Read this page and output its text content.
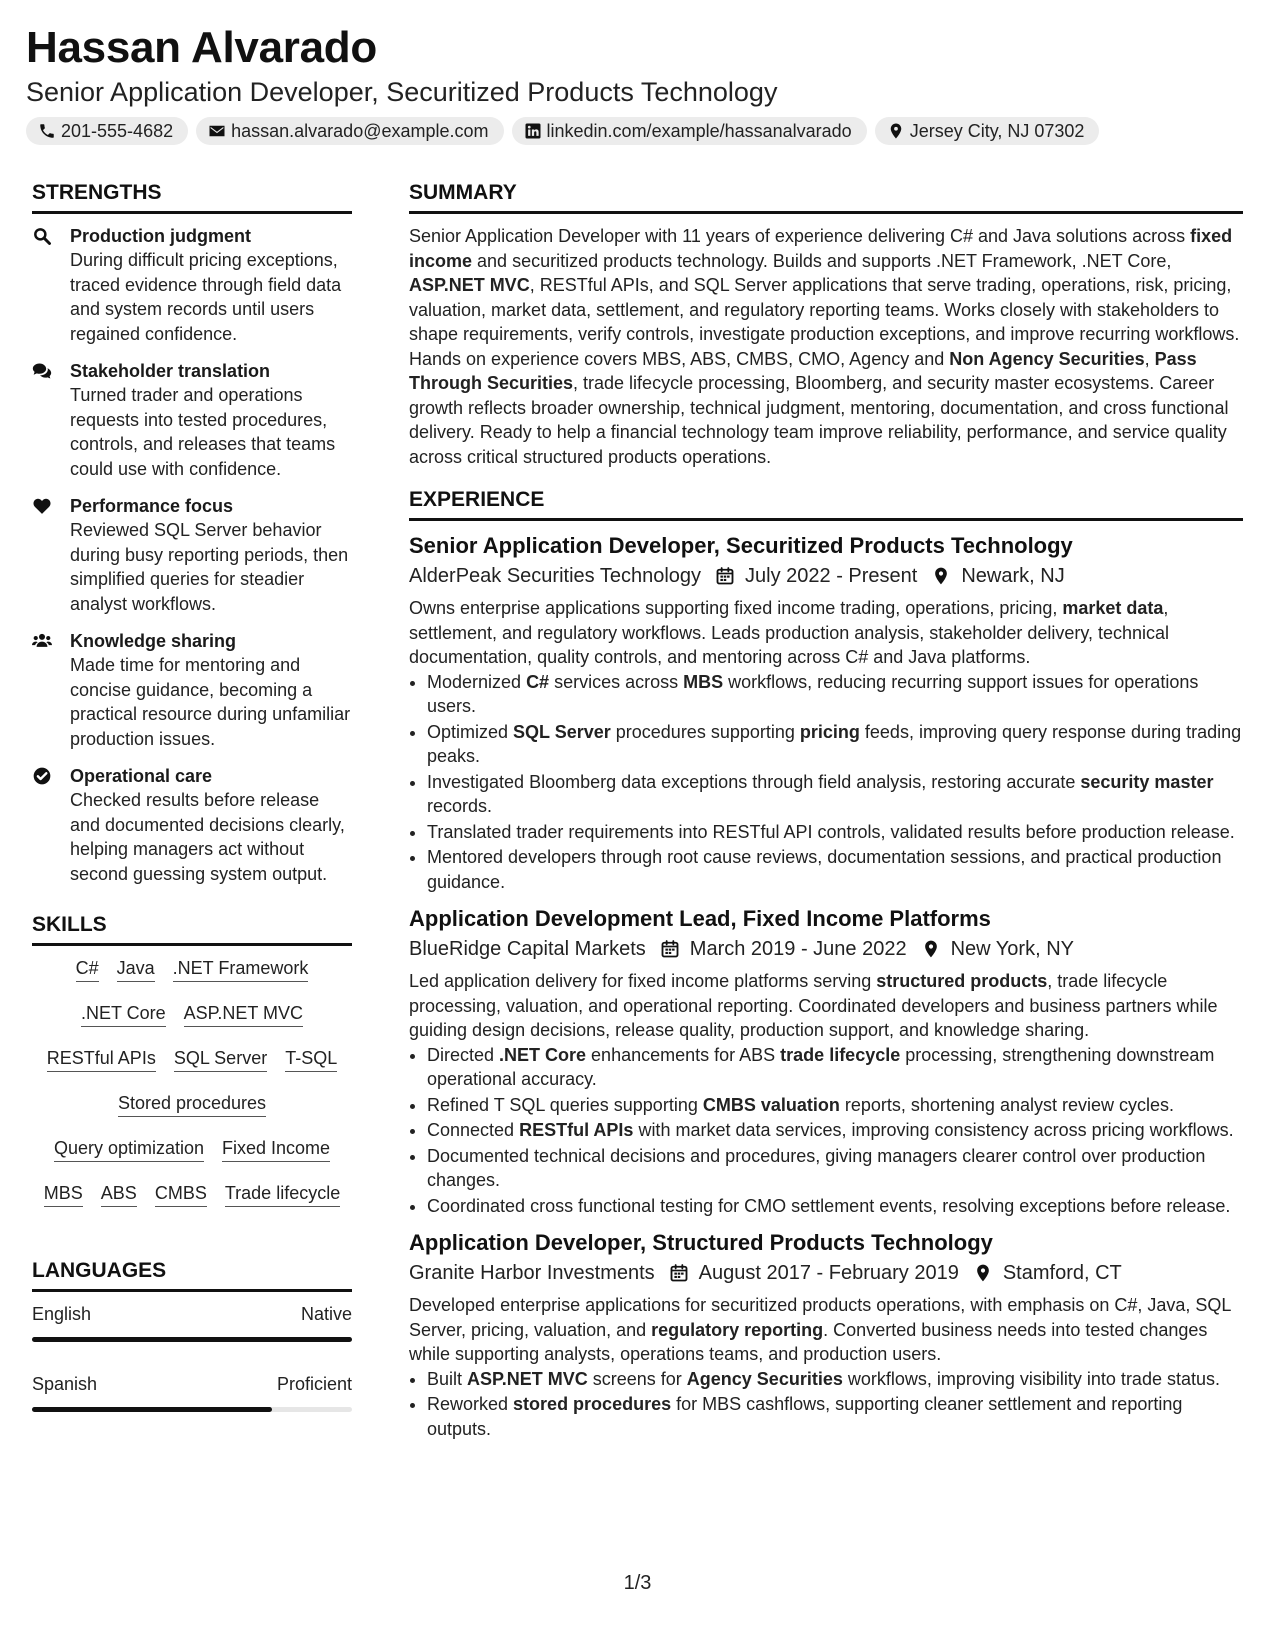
Hassan Alvarado
Senior Application Developer, Securitized Products Technology
201-555-4682	hassan.alvarado@example.com	linkedin.com/example/hassanalvarado	Jersey City, NJ 07302
STRENGTHS
Production judgment
During difficult pricing exceptions, traced evidence through field data and system records until users regained confidence.
Stakeholder translation
Turned trader and operations requests into tested procedures, controls, and releases that teams could use with confidence.
Performance focus
Reviewed SQL Server behavior during busy reporting periods, then simplified queries for steadier analyst workflows.
Knowledge sharing
Made time for mentoring and concise guidance, becoming a practical resource during unfamiliar production issues.
Operational care
Checked results before release and documented decisions clearly, helping managers act without second guessing system output.
SKILLS
C# Java .NET Framework
.NET Core ASP.NET MVC
RESTful APIs SQL Server T-SQL
Stored procedures
Query optimization Fixed Income
MBS ABS CMBS Trade lifecycle
LANGUAGES
English	Native
Spanish	Proficient
SUMMARY

Senior Application Developer with 11 years of experience delivering C# and Java solutions across fixed income and securitized products technology. Builds and supports .NET Framework, .NET Core, ASP.NET MVC, RESTful APIs, and SQL Server applications that serve trading, operations, risk, pricing, valuation, market data, settlement, and regulatory reporting teams. Works closely with stakeholders to shape requirements, verify controls, investigate production exceptions, and improve recurring workflows. Hands on experience covers MBS, ABS, CMBS, CMO, Agency and Non Agency Securities, Pass Through Securities, trade lifecycle processing, Bloomberg, and security master ecosystems. Career growth reflects broader ownership, technical judgment, mentoring, documentation, and cross functional delivery. Ready to help a financial technology team improve reliability, performance, and service quality across critical structured products operations.

EXPERIENCE
Senior Application Developer, Securitized Products Technology
AlderPeak Securities Technology July 2022 - Present Newark, NJ
Owns enterprise applications supporting fixed income trading, operations, pricing, market data, settlement, and regulatory workflows. Leads production analysis, stakeholder delivery, technical documentation, quality controls, and mentoring across C# and Java platforms.
• Modernized C# services across MBS workflows, reducing recurring support issues for operations users.
• Optimized SQL Server procedures supporting pricing feeds, improving query response during trading peaks.
• Investigated Bloomberg data exceptions through field analysis, restoring accurate security master records.
• Translated trader requirements into RESTful API controls, validated results before production release.
• Mentored developers through root cause reviews, documentation sessions, and practical production guidance.
Application Development Lead, Fixed Income Platforms
BlueRidge Capital Markets March 2019 - June 2022 New York, NY
Led application delivery for fixed income platforms serving structured products, trade lifecycle processing, valuation, and operational reporting. Coordinated developers and business partners while guiding design decisions, release quality, production support, and knowledge sharing.
• Directed .NET Core enhancements for ABS trade lifecycle processing, strengthening downstream operational accuracy.
• Refined T SQL queries supporting CMBS valuation reports, shortening analyst review cycles.
• Connected RESTful APIs with market data services, improving consistency across pricing workflows.
• Documented technical decisions and procedures, giving managers clearer control over production changes.
• Coordinated cross functional testing for CMO settlement events, resolving exceptions before release.
Application Developer, Structured Products Technology
Granite Harbor Investments August 2017 - February 2019 Stamford, CT
Developed enterprise applications for securitized products operations, with emphasis on C#, Java, SQL Server, pricing, valuation, and regulatory reporting. Converted business needs into tested changes while supporting analysts, operations teams, and production users.
• Built ASP.NET MVC screens for Agency Securities workflows, improving visibility into trade status.
• Reworked stored procedures for MBS cashflows, supporting cleaner settlement and reporting outputs.
1/3
